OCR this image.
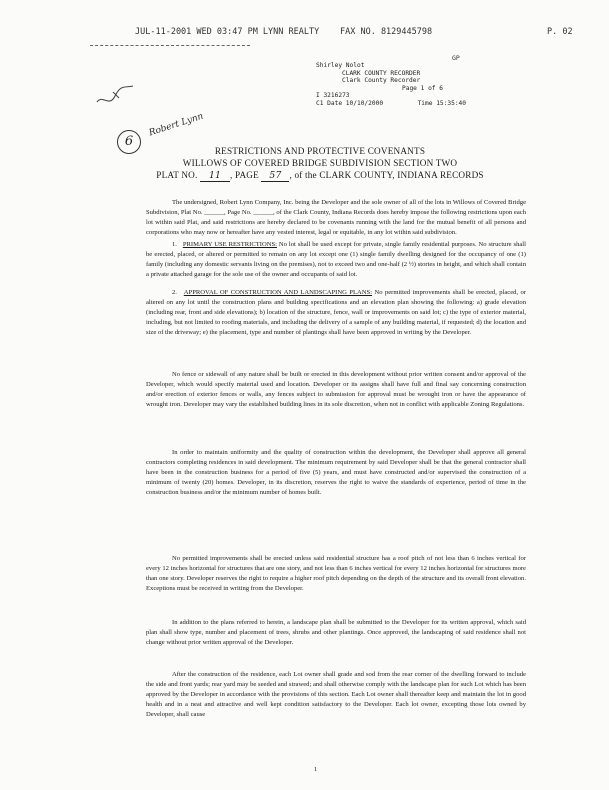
JUL-11-2001 WED 03:47 PM LYNN REALTY FAX NO. 8129445798	P. 02
GP
Shirley Nolot
CLARK COUNTY RECORDER
Clark County Recorder
Page 1 of 6
I 3216273
C1 Date 10/10/2000	Time 15:35:40
6
Robert Lynn
RESTRICTIONS AND PROTECTIVE COVENANTS
WILLOWS OF COVERED BRIDGE SUBDIVISION SECTION TWO
PLAT NO. 11 , PAGE 57 , of the CLARK COUNTY, INDIANA RECORDS

The undersigned, Robert Lynn Company, Inc. being the Developer and the sole owner of all of the lots in Willows of Covered Bridge Subdivision, Plat No. ______, Page No. ______, of the Clark County, Indiana Records does hereby impose the following restrictions upon each lot within said Plat, and said restrictions are hereby declared to be covenants running with the land for the mutual benefit of all persons and corporations who may now or hereafter have any vested interest, legal or equitable, in any lot within said subdivision.

1. PRIMARY USE RESTRICTIONS: No lot shall be used except for private, single family residential purposes. No structure shall be erected, placed, or altered or permitted to remain on any lot except one (1) single family dwelling designed for the occupancy of one (1) family (including any domestic servants living on the premises), not to exceed two and one-half (2 ½) stories in height, and which shall contain a private attached garage for the sole use of the owner and occupants of said lot.

2. APPROVAL OF CONSTRUCTION AND LANDSCAPING PLANS: No permitted improvements shall be erected, placed, or altered on any lot until the construction plans and building specifications and an elevation plan showing the following: a) grade elevation (including rear, front and side elevations); b) location of the structure, fence, wall or improvements on said lot; c) the type of exterior material, including, but not limited to roofing materials, and including the delivery of a sample of any building material, if requested; d) the location and size of the driveway; e) the placement, type and number of plantings shall have been approved in writing by the Developer.

No fence or sidewall of any nature shall be built or erected in this development without prior written consent and/or approval of the Developer, which would specify material used and location. Developer or its assigns shall have full and final say concerning construction and/or erection of exterior fences or walls, any fences subject to submission for approval must be wrought iron or have the appearance of wrought iron. Developer may vary the established building lines in its sole discretion, when not in conflict with applicable Zoning Regulations.

In order to maintain uniformity and the quality of construction within the development, the Developer shall approve all general contractors completing residences in said development. The minimum requirement by said Developer shall be that the general contractor shall have been in the construction business for a period of five (5) years, and must have constructed and/or supervised the construction of a minimum of twenty (20) homes. Developer, in its discretion, reserves the right to waive the standards of experience, period of time in the construction business and/or the minimum number of homes built.

No permitted improvements shall be erected unless said residential structure has a roof pitch of not less than 6 inches vertical for every 12 inches horizontal for structures that are one story, and not less than 6 inches vertical for every 12 inches horizontal for structures more than one story. Developer reserves the right to require a higher roof pitch depending on the depth of the structure and its overall front elevation. Exceptions must be received in writing from the Developer.

In addition to the plans referred to herein, a landscape plan shall be submitted to the Developer for its written approval, which said plan shall show type, number and placement of trees, shrubs and other plantings. Once approved, the landscaping of said residence shall not change without prior written approval of the Developer.

After the construction of the residence, each Lot owner shall grade and sod from the rear corner of the dwelling forward to include the side and front yards; rear yard may be seeded and strawed; and shall otherwise comply with the landscape plan for such Lot which has been approved by the Developer in accordance with the provisions of this section. Each Lot owner shall thereafter keep and maintain the lot in good health and in a neat and attractive and well kept condition satisfactory to the Developer. Each lot owner, excepting those lots owned by Developer, shall cause

1
